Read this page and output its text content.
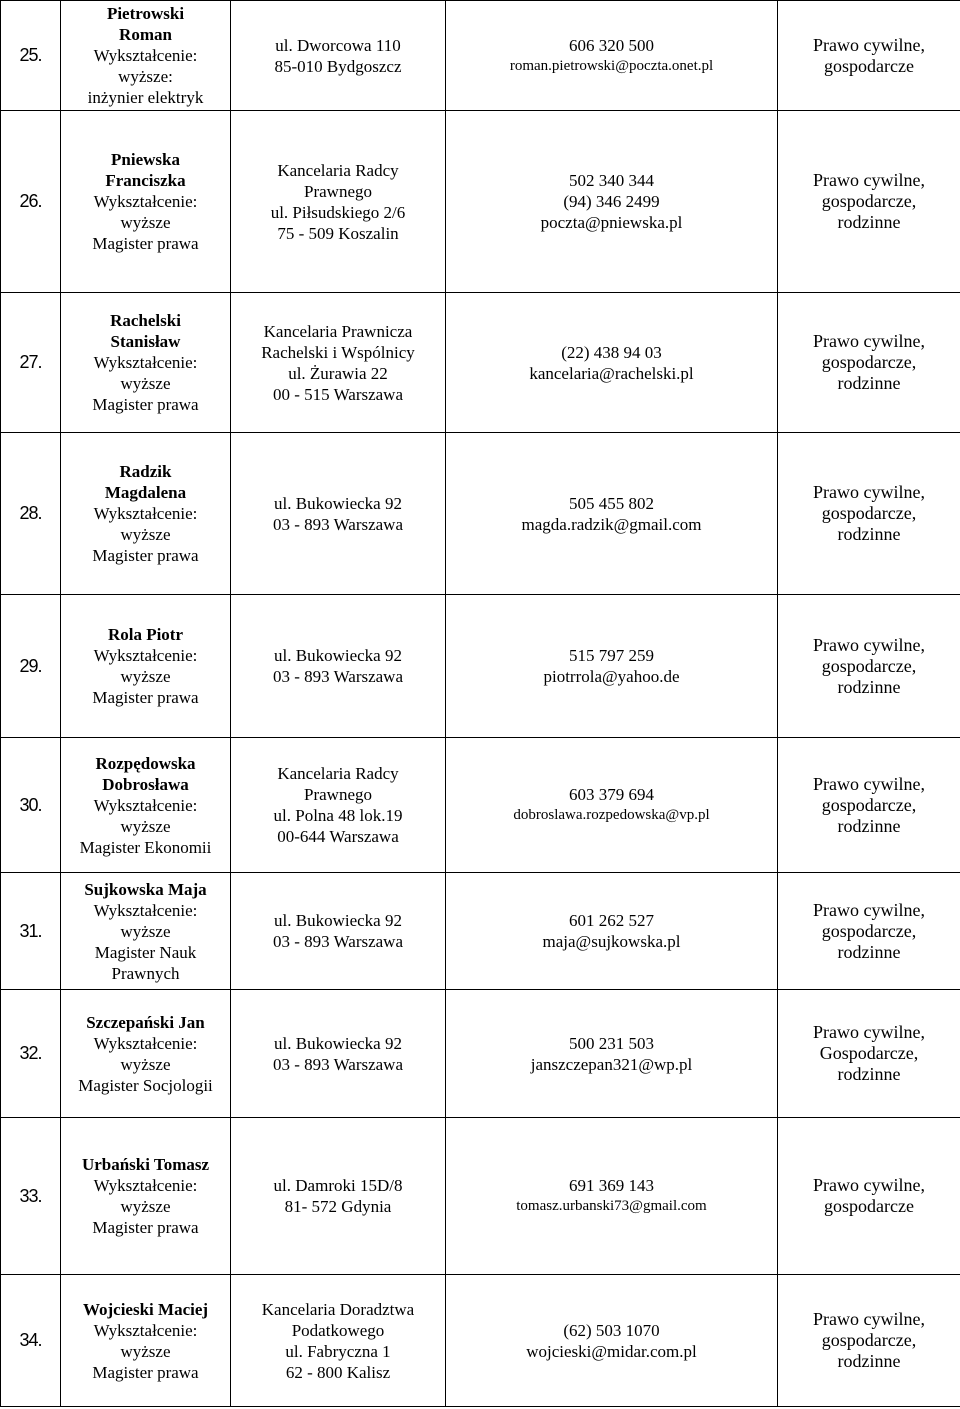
25.	Pietrowski
Roman
Wykształcenie:
wyższe:
inżynier elektryk	ul. Dworcowa 110
85-010 Bydgoszcz	606 320 500
roman.pietrowski@poczta.onet.pl	Prawo cywilne,
gospodarcze

26.	Pniewska
Franciszka
Wykształcenie:
wyższe
Magister prawa	Kancelaria Radcy
Prawnego
ul. Piłsudskiego 2/6
75 - 509 Koszalin	502 340 344
(94) 346 2499
poczta@pniewska.pl	Prawo cywilne,
gospodarcze,
rodzinne

27.	Rachelski
Stanisław
Wykształcenie:
wyższe
Magister prawa	Kancelaria Prawnicza
Rachelski i Wspólnicy
ul. Żurawia 22
00 - 515 Warszawa	(22) 438 94 03
kancelaria@rachelski.pl	Prawo cywilne,
gospodarcze,
rodzinne

28.	Radzik
Magdalena
Wykształcenie:
wyższe
Magister prawa	ul. Bukowiecka 92
03 - 893 Warszawa	505 455 802
magda.radzik@gmail.com	Prawo cywilne,
gospodarcze,
rodzinne

29.	Rola Piotr
Wykształcenie:
wyższe
Magister prawa	ul. Bukowiecka 92
03 - 893 Warszawa	515 797 259
piotrrola@yahoo.de	Prawo cywilne,
gospodarcze,
rodzinne

30.	Rozpędowska
Dobrosława
Wykształcenie:
wyższe
Magister Ekonomii	Kancelaria Radcy
Prawnego
ul. Polna 48 lok.19
00-644 Warszawa	603 379 694
dobroslawa.rozpedowska@vp.pl	Prawo cywilne,
gospodarcze,
rodzinne

31.	Sujkowska Maja
Wykształcenie:
wyższe
Magister Nauk
Prawnych	ul. Bukowiecka 92
03 - 893 Warszawa	601 262 527
maja@sujkowska.pl	Prawo cywilne,
gospodarcze,
rodzinne

32.	Szczepański Jan
Wykształcenie:
wyższe
Magister Socjologii	ul. Bukowiecka 92
03 - 893 Warszawa	500 231 503
janszczepan321@wp.pl	Prawo cywilne,
Gospodarcze,
rodzinne

33.	Urbański Tomasz
Wykształcenie:
wyższe
Magister prawa	ul. Damroki 15D/8
81- 572 Gdynia	691 369 143
tomasz.urbanski73@gmail.com	Prawo cywilne,
gospodarcze

34.	Wojcieski Maciej
Wykształcenie:
wyższe
Magister prawa	Kancelaria Doradztwa
Podatkowego
ul. Fabryczna 1
62 - 800 Kalisz	(62) 503 1070
wojcieski@midar.com.pl	Prawo cywilne,
gospodarcze,
rodzinne
